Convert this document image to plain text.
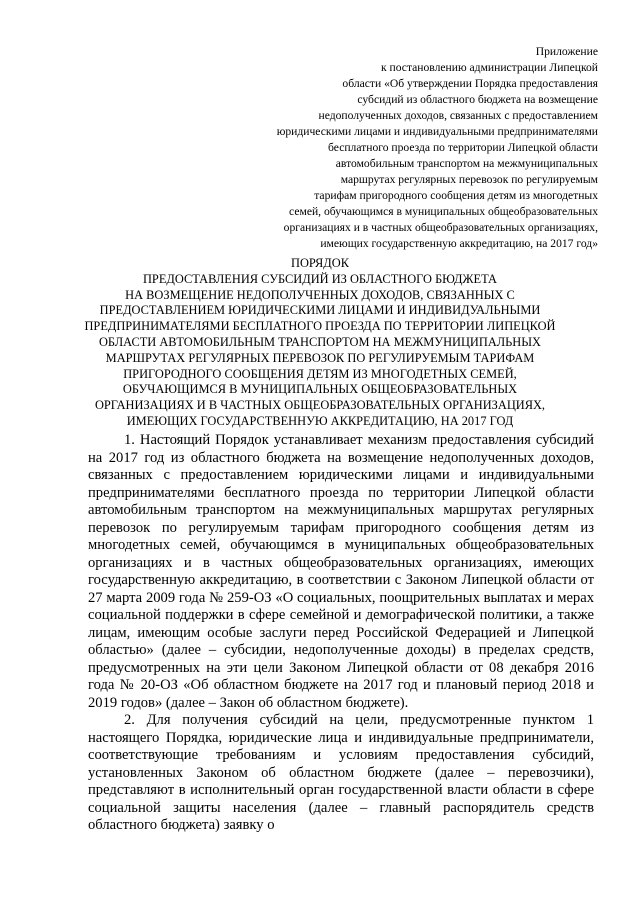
Приложение
к постановлению администрации Липецкой
области «Об утверждении Порядка предоставления
субсидий из областного бюджета на возмещение
недополученных доходов, связанных с предоставлением
юридическими лицами и индивидуальными предпринимателями
бесплатного проезда по территории Липецкой области
автомобильным транспортом на межмуниципальных
маршрутах регулярных перевозок по регулируемым
тарифам пригородного сообщения детям из многодетных
семей, обучающимся в муниципальных общеобразовательных
организациях и в частных общеобразовательных организациях,
имеющих государственную аккредитацию, на 2017 год»
ПОРЯДОК
ПРЕДОСТАВЛЕНИЯ СУБСИДИЙ ИЗ ОБЛАСТНОГО БЮДЖЕТА
НА ВОЗМЕЩЕНИЕ НЕДОПОЛУЧЕННЫХ ДОХОДОВ, СВЯЗАННЫХ С
ПРЕДОСТАВЛЕНИЕМ ЮРИДИЧЕСКИМИ ЛИЦАМИ И ИНДИВИДУАЛЬНЫМИ
ПРЕДПРИНИМАТЕЛЯМИ БЕСПЛАТНОГО ПРОЕЗДА ПО ТЕРРИТОРИИ ЛИПЕЦКОЙ
ОБЛАСТИ АВТОМОБИЛЬНЫМ ТРАНСПОРТОМ НА МЕЖМУНИЦИПАЛЬНЫХ
МАРШРУТАХ РЕГУЛЯРНЫХ ПЕРЕВОЗОК ПО РЕГУЛИРУЕМЫМ ТАРИФАМ
ПРИГОРОДНОГО СООБЩЕНИЯ ДЕТЯМ ИЗ МНОГОДЕТНЫХ СЕМЕЙ,
ОБУЧАЮЩИМСЯ В МУНИЦИПАЛЬНЫХ ОБЩЕОБРАЗОВАТЕЛЬНЫХ
ОРГАНИЗАЦИЯХ И В ЧАСТНЫХ ОБЩЕОБРАЗОВАТЕЛЬНЫХ ОРГАНИЗАЦИЯХ,
ИМЕЮЩИХ ГОСУДАРСТВЕННУЮ АККРЕДИТАЦИЮ, НА 2017 ГОД

1. Настоящий Порядок устанавливает механизм предоставления субсидий на 2017 год из областного бюджета на возмещение недополученных доходов, связанных с предоставлением юридическими лицами и индивидуальными предпринимателями бесплатного проезда по территории Липецкой области автомобильным транспортом на межмуниципальных маршрутах регулярных перевозок по регулируемым тарифам пригородного сообщения детям из многодетных семей, обучающимся в муниципальных общеобразовательных организациях и в частных общеобразовательных организациях, имеющих государственную аккредитацию, в соответствии с Законом Липецкой области от 27 марта 2009 года № 259-ОЗ «О социальных, поощрительных выплатах и мерах социальной поддержки в сфере семейной и демографической политики, а также лицам, имеющим особые заслуги перед Российской Федерацией и Липецкой областью» (далее – субсидии, недополученные доходы) в пределах средств, предусмотренных на эти цели Законом Липецкой области от 08 декабря 2016 года № 20-ОЗ «Об областном бюджете на 2017 год и плановый период 2018 и 2019 годов» (далее – Закон об областном бюджете).

2. Для получения субсидий на цели, предусмотренные пунктом 1 настоящего Порядка, юридические лица и индивидуальные предприниматели, соответствующие требованиям и условиям предоставления субсидий, установленных Законом об областном бюджете (далее – перевозчики), представляют в исполнительный орган государственной власти области в сфере социальной защиты населения (далее – главный распорядитель средств областного бюджета) заявку о
